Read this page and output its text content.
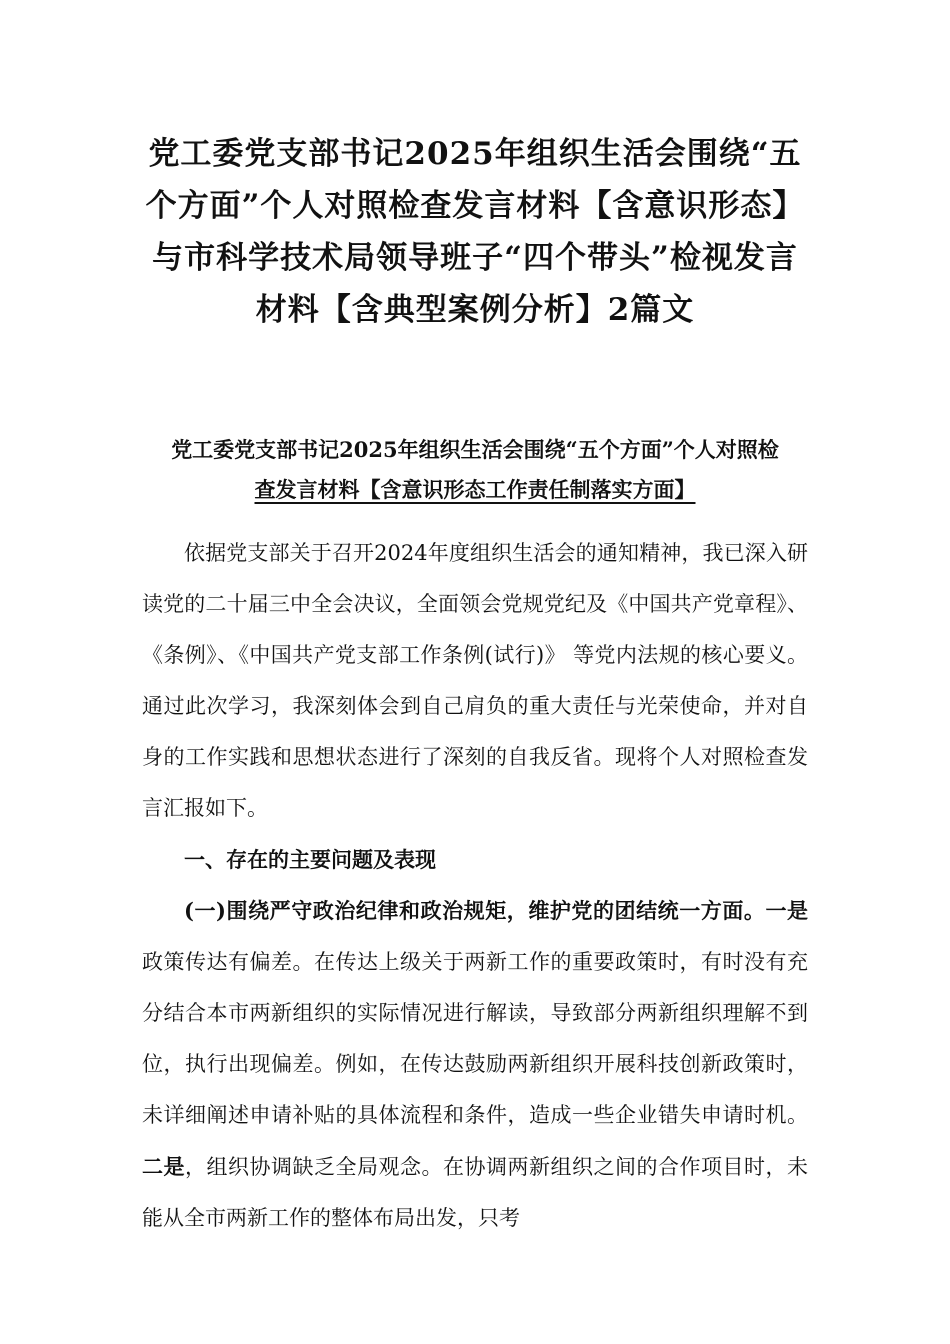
党工委党支部书记2025年组织生活会围绕“五个方面”个人对照检查发言材料【含意识形态】与市科学技术局领导班子“四个带头”检视发言材料【含典型案例分析】2篇文
党工委党支部书记2025年组织生活会围绕“五个方面”个人对照检
查发言材料【含意识形态工作责任制落实方面】

依据党支部关于召开2024年度组织生活会的通知精神，我已深入研读党的二十届三中全会决议，全面领会党规党纪及《中国共产党章程》、《条例》、《中国共产党支部工作条例(试行)》 等党内法规的核心要义。通过此次学习，我深刻体会到自己肩负的重大责任与光荣使命，并对自身的工作实践和思想状态进行了深刻的自我反省。现将个人对照检查发言汇报如下。

一、存在的主要问题及表现

(一)围绕严守政治纪律和政治规矩，维护党的团结统一方面。一是政策传达有偏差。在传达上级关于两新工作的重要政策时，有时没有充分结合本市两新组织的实际情况进行解读，导致部分两新组织理解不到位，执行出现偏差。例如，在传达鼓励两新组织开展科技创新政策时，未详细阐述申请补贴的具体流程和条件，造成一些企业错失申请时机。二是，组织协调缺乏全局观念。在协调两新组织之间的合作项目时，未能从全市两新工作的整体布局出发，只考
